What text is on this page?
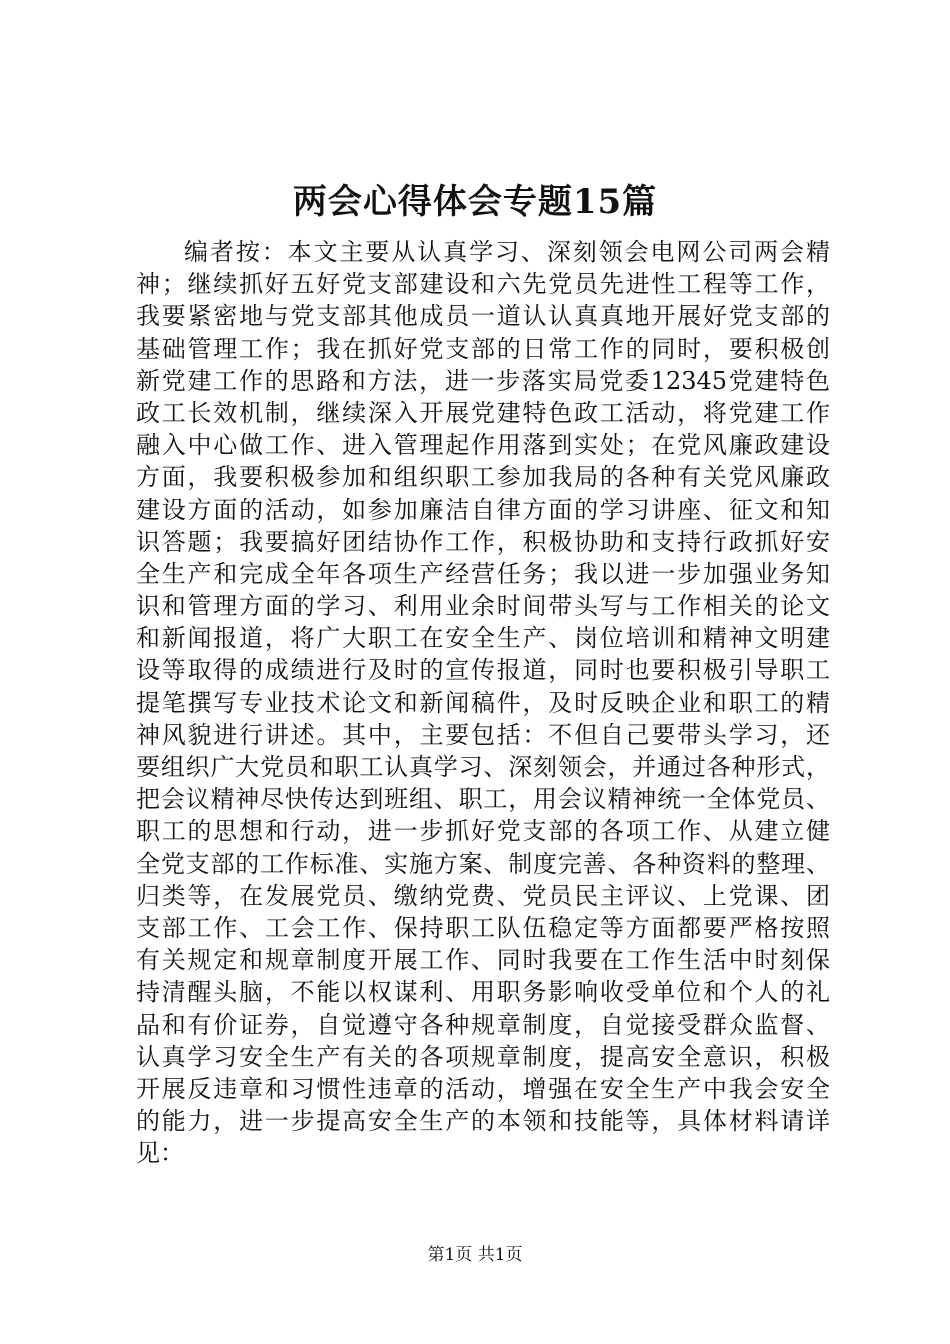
两会心得体会专题15篇
编者按：本文主要从认真学习、深刻领会电网公司两会精
神；继续抓好五好党支部建设和六先党员先进性工程等工作，
我要紧密地与党支部其他成员一道认认真真地开展好党支部的
基础管理工作；我在抓好党支部的日常工作的同时，要积极创
新党建工作的思路和方法，进一步落实局党委12345党建特色
政工长效机制，继续深入开展党建特色政工活动，将党建工作
融入中心做工作、进入管理起作用落到实处；在党风廉政建设
方面，我要积极参加和组织职工参加我局的各种有关党风廉政
建设方面的活动，如参加廉洁自律方面的学习讲座、征文和知
识答题；我要搞好团结协作工作，积极协助和支持行政抓好安
全生产和完成全年各项生产经营任务；我以进一步加强业务知
识和管理方面的学习、利用业余时间带头写与工作相关的论文
和新闻报道，将广大职工在安全生产、岗位培训和精神文明建
设等取得的成绩进行及时的宣传报道，同时也要积极引导职工
提笔撰写专业技术论文和新闻稿件，及时反映企业和职工的精
神风貌进行讲述。其中，主要包括：不但自己要带头学习，还
要组织广大党员和职工认真学习、深刻领会，并通过各种形式，
把会议精神尽快传达到班组、职工，用会议精神统一全体党员、
职工的思想和行动，进一步抓好党支部的各项工作、从建立健
全党支部的工作标准、实施方案、制度完善、各种资料的整理、
归类等，在发展党员、缴纳党费、党员民主评议、上党课、团
支部工作、工会工作、保持职工队伍稳定等方面都要严格按照
有关规定和规章制度开展工作、同时我要在工作生活中时刻保
持清醒头脑，不能以权谋利、用职务影响收受单位和个人的礼
品和有价证券，自觉遵守各种规章制度，自觉接受群众监督、
认真学习安全生产有关的各项规章制度，提高安全意识，积极
开展反违章和习惯性违章的活动，增强在安全生产中我会安全
的能力，进一步提高安全生产的本领和技能等，具体材料请详
见：
第1页 共1页
